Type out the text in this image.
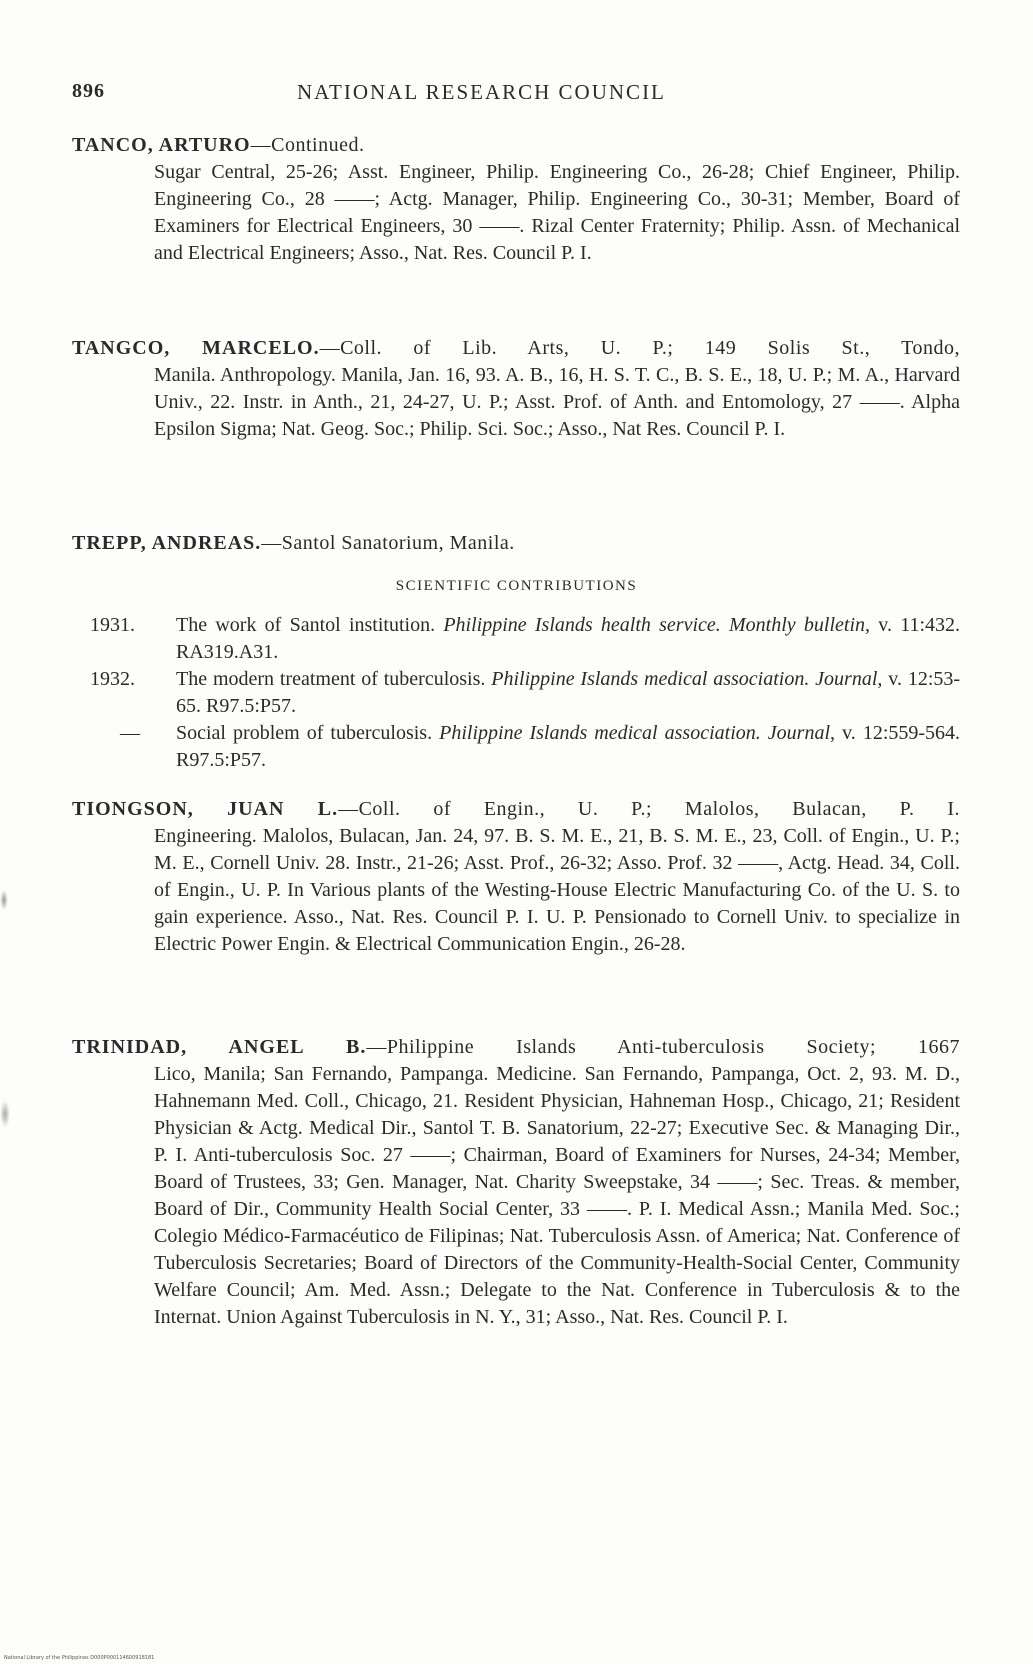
896	NATIONAL RESEARCH COUNCIL

TANCO, ARTURO—Continued.

Sugar Central, 25-26; Asst. Engineer, Philip. Engineering Co., 26-28; Chief Engineer, Philip. Engineering Co., 28 ——; Actg. Manager, Philip. Engineering Co., 30-31; Member, Board of Examiners for Electrical Engineers, 30 ——. Rizal Center Fraternity; Philip. Assn. of Mechanical and Electrical Engineers; Asso., Nat. Res. Council P. I.

TANGCO, MARCELO.—Coll. of Lib. Arts, U. P.; 149 Solis St., Tondo,

Manila. Anthropology. Manila, Jan. 16, 93. A. B., 16, H. S. T. C., B. S. E., 18, U. P.; M. A., Harvard Univ., 22. Instr. in Anth., 21, 24-27, U. P.; Asst. Prof. of Anth. and Entomology, 27 ——. Alpha Epsilon Sigma; Nat. Geog. Soc.; Philip. Sci. Soc.; Asso., Nat Res. Council P. I.

TREPP, ANDREAS.—Santol Sanatorium, Manila.

SCIENTIFIC CONTRIBUTIONS

1931. The work of Santol institution. Philippine Islands health service. Monthly bulletin, v. 11:432. RA319.A31.

1932. The modern treatment of tuberculosis. Philippine Islands medical association. Journal, v. 12:53-65. R97.5:P57.

— Social problem of tuberculosis. Philippine Islands medical association. Journal, v. 12:559-564. R97.5:P57.

TIONGSON, JUAN L.—Coll. of Engin., U. P.; Malolos, Bulacan, P. I.

Engineering. Malolos, Bulacan, Jan. 24, 97. B. S. M. E., 21, B. S. M. E., 23, Coll. of Engin., U. P.; M. E., Cornell Univ. 28. Instr., 21-26; Asst. Prof., 26-32; Asso. Prof. 32 ——, Actg. Head. 34, Coll. of Engin., U. P. In Various plants of the Westing-House Electric Manufacturing Co. of the U. S. to gain experience. Asso., Nat. Res. Council P. I. U. P. Pensionado to Cornell Univ. to specialize in Electric Power Engin. & Electrical Communication Engin., 26-28.

TRINIDAD, ANGEL B.—Philippine Islands Anti-tuberculosis Society; 1667

Lico, Manila; San Fernando, Pampanga. Medicine. San Fernando, Pampanga, Oct. 2, 93. M. D., Hahnemann Med. Coll., Chicago, 21. Resident Physician, Hahneman Hosp., Chicago, 21; Resident Physician & Actg. Medical Dir., Santol T. B. Sanatorium, 22-27; Executive Sec. & Managing Dir., P. I. Anti-tuberculosis Soc. 27 ——; Chairman, Board of Examiners for Nurses, 24-34; Member, Board of Trustees, 33; Gen. Manager, Nat. Charity Sweepstake, 34 ——; Sec. Treas. & member, Board of Dir., Community Health Social Center, 33 ——. P. I. Medical Assn.; Manila Med. Soc.; Colegio Médico-Farmacéutico de Filipinas; Nat. Tuberculosis Assn. of America; Nat. Conference of Tuberculosis Secretaries; Board of Directors of the Community-Health-Social Center, Community Welfare Council; Am. Med. Assn.; Delegate to the Nat. Conference in Tuberculosis & to the Internat. Union Against Tuberculosis in N. Y., 31; Asso., Nat. Res. Council P. I.

National Library of the Philippines D000P000114600918181
